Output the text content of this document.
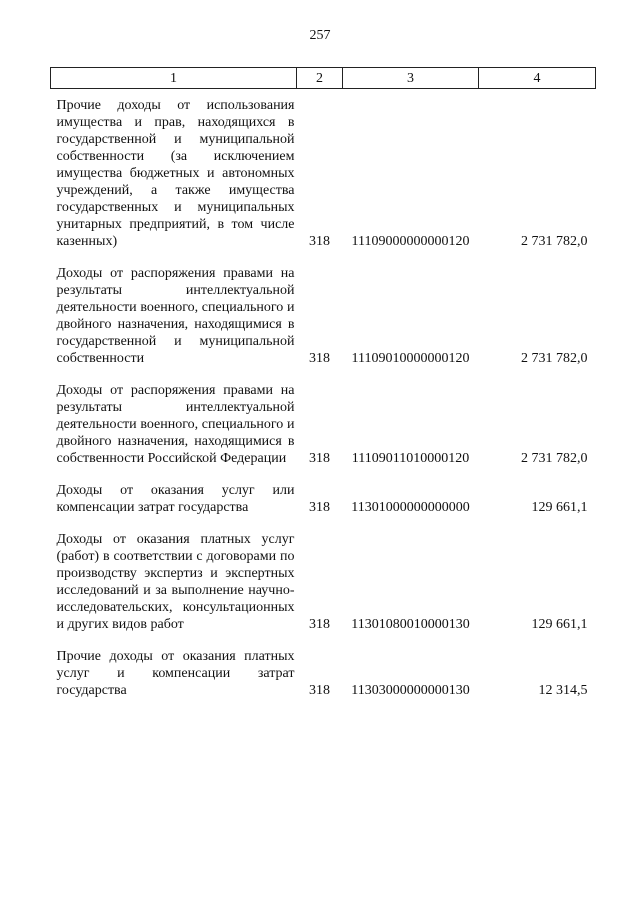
257
1	2	3	4

Прочие доходы от использования имущества и прав, находящихся в государственной и муниципальной собственности (за исключением имущества бюджетных и автономных учреждений, а также имущества государственных и муниципальных унитарных предприятий, в том числе казенных)	318	11109000000000120	2 731 782,0

Доходы от распоряжения правами на результаты интеллектуальной деятельности военного, специального и двойного назначения, находящимися в государственной и муниципальной собственности	318	11109010000000120	2 731 782,0

Доходы от распоряжения правами на результаты интеллектуальной деятельности военного, специального и двойного назначения, находящимися в собственности Российской Федерации	318	11109011010000120	2 731 782,0

Доходы от оказания услуг или компенсации затрат государства	318	11301000000000000	129 661,1

Доходы от оказания платных услуг (работ) в соответствии с договорами по производству экспертиз и экспертных исследований и за выполнение научно-исследовательских, консультационных и других видов работ	318	11301080010000130	129 661,1

Прочие доходы от оказания платных услуг и компенсации затрат государства	318	11303000000000130	12 314,5
